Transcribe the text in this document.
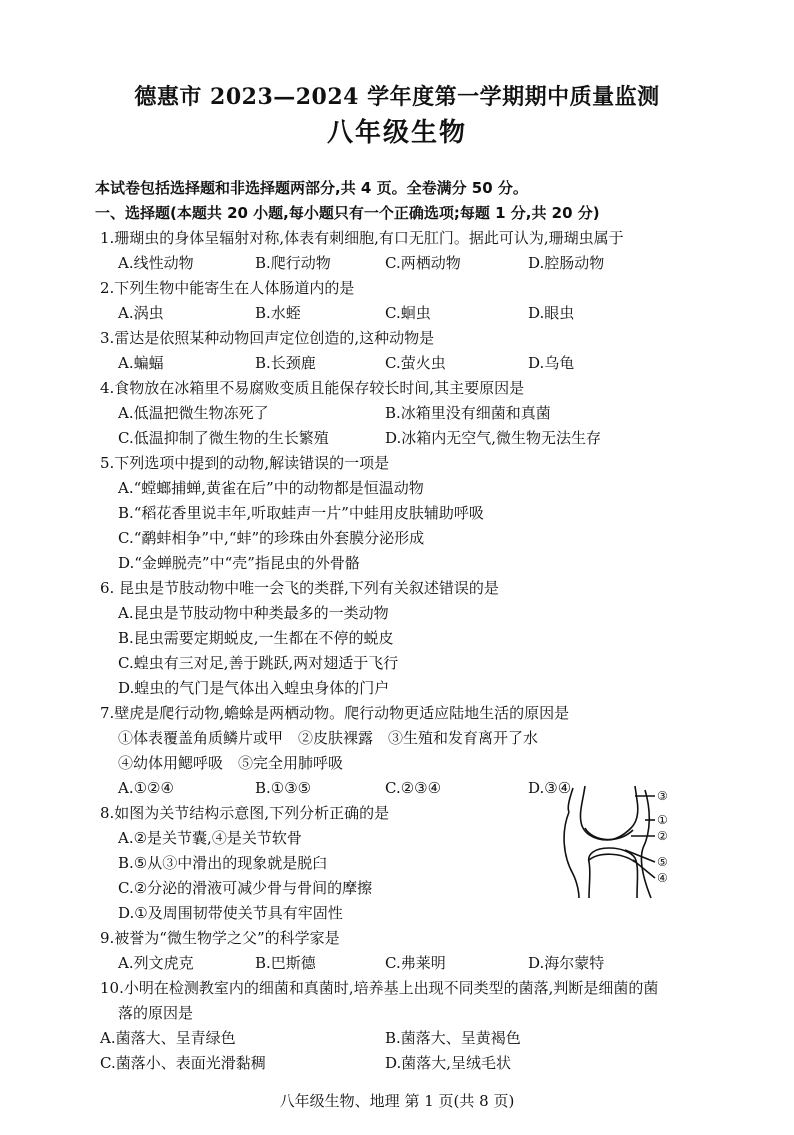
德惠市 2023—2024 学年度第一学期期中质量监测
八年级生物
本试卷包括选择题和非选择题两部分,共 4 页。全卷满分 50 分。
一、选择题(本题共 20 小题,每小题只有一个正确选项;每题 1 分,共 20 分)
1.珊瑚虫的身体呈辐射对称,体表有刺细胞,有口无肛门。据此可认为,珊瑚虫属于
A.线性动物	B.爬行动物	C.两栖动物	D.腔肠动物
2.下列生物中能寄生在人体肠道内的是
A.涡虫	B.水蛭	C.蛔虫	D.眼虫
3.雷达是依照某种动物回声定位创造的,这种动物是
A.蝙蝠	B.长颈鹿	C.萤火虫	D.乌龟
4.食物放在冰箱里不易腐败变质且能保存较长时间,其主要原因是
A.低温把微生物冻死了	B.冰箱里没有细菌和真菌
C.低温抑制了微生物的生长繁殖	D.冰箱内无空气,微生物无法生存
5.下列选项中提到的动物,解读错误的一项是
A.“螳螂捕蝉,黄雀在后”中的动物都是恒温动物
B.“稻花香里说丰年,听取蛙声一片”中蛙用皮肤辅助呼吸
C.“鹬蚌相争”中,“蚌”的珍珠由外套膜分泌形成
D.“金蝉脱壳”中“壳”指昆虫的外骨骼
6. 昆虫是节肢动物中唯一会飞的类群,下列有关叙述错误的是
A.昆虫是节肢动物中种类最多的一类动物
B.昆虫需要定期蜕皮,一生都在不停的蜕皮
C.蝗虫有三对足,善于跳跃,两对翅适于飞行
D.蝗虫的气门是气体出入蝗虫身体的门户
7.壁虎是爬行动物,蟾蜍是两栖动物。爬行动物更适应陆地生活的原因是
①体表覆盖角质鳞片或甲　②皮肤裸露　③生殖和发育离开了水
④幼体用鳃呼吸　⑤完全用肺呼吸
A.①②④	B.①③⑤	C.②③④	D.③④
8.如图为关节结构示意图,下列分析正确的是
A.②是关节囊,④是关节软骨
B.⑤从③中滑出的现象就是脱臼
C.②分泌的滑液可减少骨与骨间的摩擦
D.①及周围韧带使关节具有牢固性
③
①
②
⑤
④
9.被誉为“微生物学之父”的科学家是
A.列文虎克	B.巴斯德	C.弗莱明	D.海尔蒙特
10.小明在检测教室内的细菌和真菌时,培养基上出现不同类型的菌落,判断是细菌的菌
落的原因是
A.菌落大、呈青绿色	B.菌落大、呈黄褐色
C.菌落小、表面光滑黏稠	D.菌落大,呈绒毛状
八年级生物、地理 第 1 页(共 8 页)
